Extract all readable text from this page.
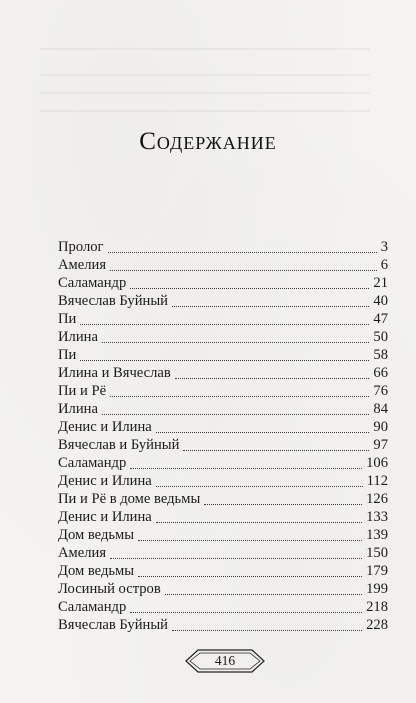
Содержание
Пролог	3
Амелия	6
Саламандр	21
Вячеслав Буйный	40
Пи	47
Илина	50
Пи	58
Илина и Вячеслав	66
Пи и Рё	76
Илина	84
Денис и Илина	90
Вячеслав и Буйный	97
Саламандр	106
Денис и Илина	112
Пи и Рё в доме ведьмы	126
Денис и Илина	133
Дом ведьмы	139
Амелия	150
Дом ведьмы	179
Лосиный остров	199
Саламандр	218
Вячеслав Буйный	228
416
